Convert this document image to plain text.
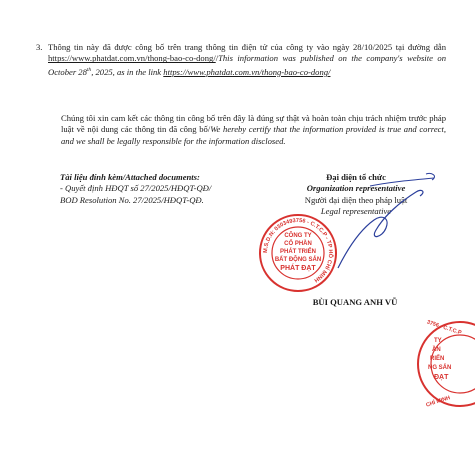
3. Thông tin này đã được công bố trên trang thông tin điện tử của công ty vào ngày 28/10/2025 tại đường dẫn https://www.phatdat.com.vn/thong-bao-co-dong//This information was published on the company's website on October 28th, 2025, as in the link https://www.phatdat.com.vn/thong-bao-co-dong/
Chúng tôi xin cam kết các thông tin công bố trên đây là đúng sự thật và hoàn toàn chịu trách nhiệm trước pháp luật về nội dung các thông tin đã công bố/We hereby certify that the information provided is true and correct, and we shall be legally responsible for the information disclosed.
Tài liệu đính kèm/Attached documents:
- Quyết định HĐQT số 27/2025/HĐQT-QĐ/
BOD Resolution No. 27/2025/HĐQT-QĐ.
Đại diện tổ chức
Organization representative
Người đại diện theo pháp luật
Legal representative
M.S.D.N: 0303493756 - C.T.C.P - TP HỒ CHÍ MINH
CÔNG TY
CỔ PHẦN
PHÁT TRIỂN
BẤT ĐỘNG SẢN
PHÁT ĐẠT
BÙI QUANG ANH VŨ
3756 - C.T.C.P
TY
ẦN
RIỂN
NG SẢN
ĐẠT
CHÍ MINH
